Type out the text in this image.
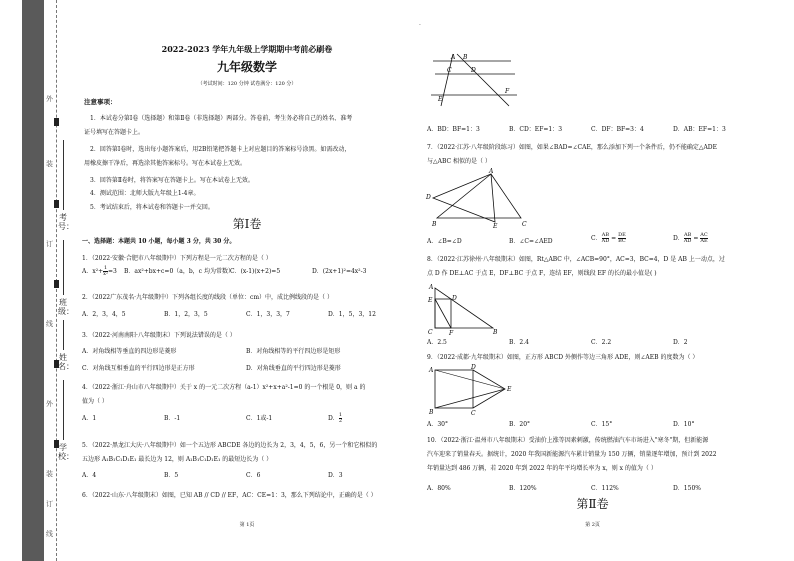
外
装
订
线
外
装
订
线
考号：
班级：
姓名：
学校：
2022-2023 学年九年级上学期期中考前必刷卷
九年级数学
（考试时间：120 分钟 试卷满分：120 分）
注意事项：
1．本试卷分第Ⅰ卷（选择题）和第Ⅱ卷（非选择题）两部分。答卷前，考生务必将自己的姓名、准考
证号填写在答题卡上。
2．回答第Ⅰ卷时，选出每小题答案后，用2B铅笔把答题卡上对应题目的答案标号涂黑。如需改动，
用橡皮擦干净后，再选涂其他答案标号。写在本试卷上无效。
3．回答第Ⅱ卷时，将答案写在答题卡上。写在本试卷上无效。
4．测试范围：北师大版九年级上1-4章。
5．考试结束后，将本试卷和答题卡一并交回。
第Ⅰ卷
一、选择题：本题共 10 小题，每小题 3 分，共 30 分。
1．（2022·安徽·合肥市八年级期中）下列方程是一元二次方程的是（ ）
A．$x^2+ \frac{1}{\text{x²}} =3$ B．ax²+bx+c=0（a，b，c 均为常数）
C．(x-1)(x+2)=5	D．(2x+1)²=4x²-3
2．（2022广东茂名·九年级期中）下列各组长度的线段（单位：cm）中，成比例线段的是（ ）
A．2，3，4，5	B．1，2，3，5	C．1，3，3，7	D．1，5，3，12
3．（2022·河南南阳·八年级期末）下列说法错误的是（ ）
A．对角线相等垂直的四边形是菱形	B．对角线相等的平行四边形是矩形
C．对角线互相垂直的平行四边形是正方形	D．对角线垂直的平行四边形是菱形
4．（2022·浙江·舟山市八年级期中）关于 x 的一元二次方程（a-1）x²+x+a²-1=0 的一个根是 0，则 a 的
值为（ ）
A．1	B．-1	C．1或-1	D． $\frac{1}{2}$
5．（2022·黑龙江大庆·八年级期中）如一个五边形 ABCDE 各边的边长为 2，3，4，5，6，另一个和它相似的
五边形 A₁B₁C₁D₁E₁ 最长边为 12，则 A₁B₁C₁D₁E₁ 的最短边长为（ ）
A．4	B．5	C．6	D．3
6．（2022·山东·八年级期末）如图，已知 AB // CD // EF，AC：CE=1：3，那么下列结论中，正确的是（ ）
第 1页
·
A B
C	D
E
F
A．BD：BF=1：3	B．CD：EF=1：3	C．DF：BF=3：4	D．AB：EF=1：3
7．（2022·江苏·八年级阶段练习）如图，如果∠BAD=∠CAE，那么添加下列一个条件后，仍不能确定△ADE
与△ABC 相似的是（ ）
A
D
B	C
E
A．∠B=∠D	B．∠C=∠AED	C． $\frac{AB}{AD} = \frac{DE}{BC}$	D． $\frac{AB}{AD} = \frac{AC}{AE}$
8．（2022·江苏徐州·八年级期末）如图，Rt△ABC 中，∠ACB=90°，AC=3，BC=4，D 是 AB 上一动点，过
点 D 作 DE⊥AC 于点 E，DF⊥BC 于点 F，连结 EF，则线段 EF 的长的最小值是( )
A
E	D
C	F	B
A．2.5	B．2.4	C．2.2	D．2
9．（2022·成都·九年级期末）如图，正方形 ABCD 外侧作等边三角形 ADE，则∠AEB 的度数为（ ）
A	D
E
B	C
A．30°	B．20°	C．15°	D．10°
10．（2022·浙江·温州市八年级期末）受油价上涨等因素刺激，传统燃油汽车市场进入"寒冬"期，但新能源
汽车迎来了销量春天。据统计，2020 年我国新能源汽车累计销量为 150 万辆，销量逐年增加，预计到 2022
年销量达到 486 万辆，若 2020 年到 2022 年的年平均增长率为 x，则 x 的值为（ ）
A．80%	B．120%	C．112%	D．150%
第Ⅱ卷
第 2页
